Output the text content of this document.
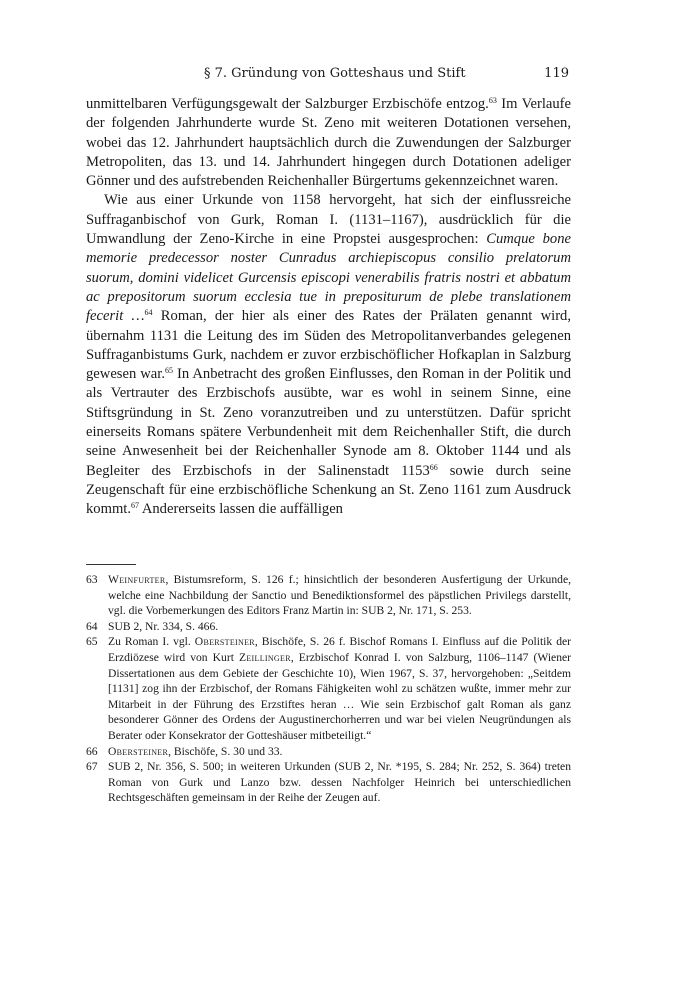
§ 7. Gründung von Gotteshaus und Stift	119

unmittelbaren Verfügungsgewalt der Salzburger Erzbischöfe entzog.$^{63}$ Im Verlaufe der folgenden Jahrhunderte wurde St. Zeno mit weiteren Dotationen versehen, wobei das 12. Jahrhundert hauptsächlich durch die Zuwendungen der Salzburger Metropoliten, das 13. und 14. Jahrhundert hingegen durch Dotationen adeliger Gönner und des aufstrebenden Reichenhaller Bürgertums gekennzeichnet waren.

Wie aus einer Urkunde von 1158 hervorgeht, hat sich der einflussreiche Suffraganbischof von Gurk, Roman I. (1131–1167), ausdrücklich für die Umwandlung der Zeno-Kirche in eine Propstei ausgesprochen: Cumque bone memorie predecessor noster Cunradus archiepiscopus consilio prelatorum suorum, domini videlicet Gurcensis episcopi venerabilis fratris nostri et abbatum ac prepositorum suorum ecclesia tue in prepositurum de plebe translationem fecerit …$^{64}$ Roman, der hier als einer des Rates der Prälaten genannt wird, übernahm 1131 die Leitung des im Süden des Metropolitanverbandes gelegenen Suffraganbistums Gurk, nachdem er zuvor erzbischöflicher Hofkaplan in Salzburg gewesen war.$^{65}$ In Anbetracht des großen Einflusses, den Roman in der Politik und als Vertrauter des Erzbischofs ausübte, war es wohl in seinem Sinne, eine Stiftsgründung in St. Zeno voranzutreiben und zu unterstützen. Dafür spricht einerseits Romans spätere Verbundenheit mit dem Reichenhaller Stift, die durch seine Anwesenheit bei der Reichenhaller Synode am 8. Oktober 1144 und als Begleiter des Erzbischofs in der Salinenstadt 1153$^{66}$ sowie durch seine Zeugenschaft für eine erzbischöfliche Schenkung an St. Zeno 1161 zum Ausdruck kommt.$^{67}$ Andererseits lassen die auffälligen

63 Weinfurter, Bistumsreform, S. 126 f.; hinsichtlich der besonderen Ausfertigung der Urkunde, welche eine Nachbildung der Sanctio und Benediktionsformel des päpstlichen Privilegs darstellt, vgl. die Vorbemerkungen des Editors Franz Martin in: SUB 2, Nr. 171, S. 253.
64 SUB 2, Nr. 334, S. 466.
65 Zu Roman I. vgl. Obersteiner, Bischöfe, S. 26 f. Bischof Romans I. Einfluss auf die Politik der Erzdiözese wird von Kurt Zeillinger, Erzbischof Konrad I. von Salzburg, 1106–1147 (Wiener Dissertationen aus dem Gebiete der Geschichte 10), Wien 1967, S. 37, hervorgehoben: „Seitdem [1131] zog ihn der Erzbischof, der Romans Fähigkeiten wohl zu schätzen wußte, immer mehr zur Mitarbeit in der Führung des Erzstiftes heran … Wie sein Erzbischof galt Roman als ganz besonderer Gönner des Ordens der Augustinerchorherren und war bei vielen Neugründungen als Berater oder Konsekrator der Gotteshäuser mitbeteiligt.“
66 Obersteiner, Bischöfe, S. 30 und 33.
67 SUB 2, Nr. 356, S. 500; in weiteren Urkunden (SUB 2, Nr. *195, S. 284; Nr. 252, S. 364) treten Roman von Gurk und Lanzo bzw. dessen Nachfolger Heinrich bei unterschiedlichen Rechtsgeschäften gemeinsam in der Reihe der Zeugen auf.
